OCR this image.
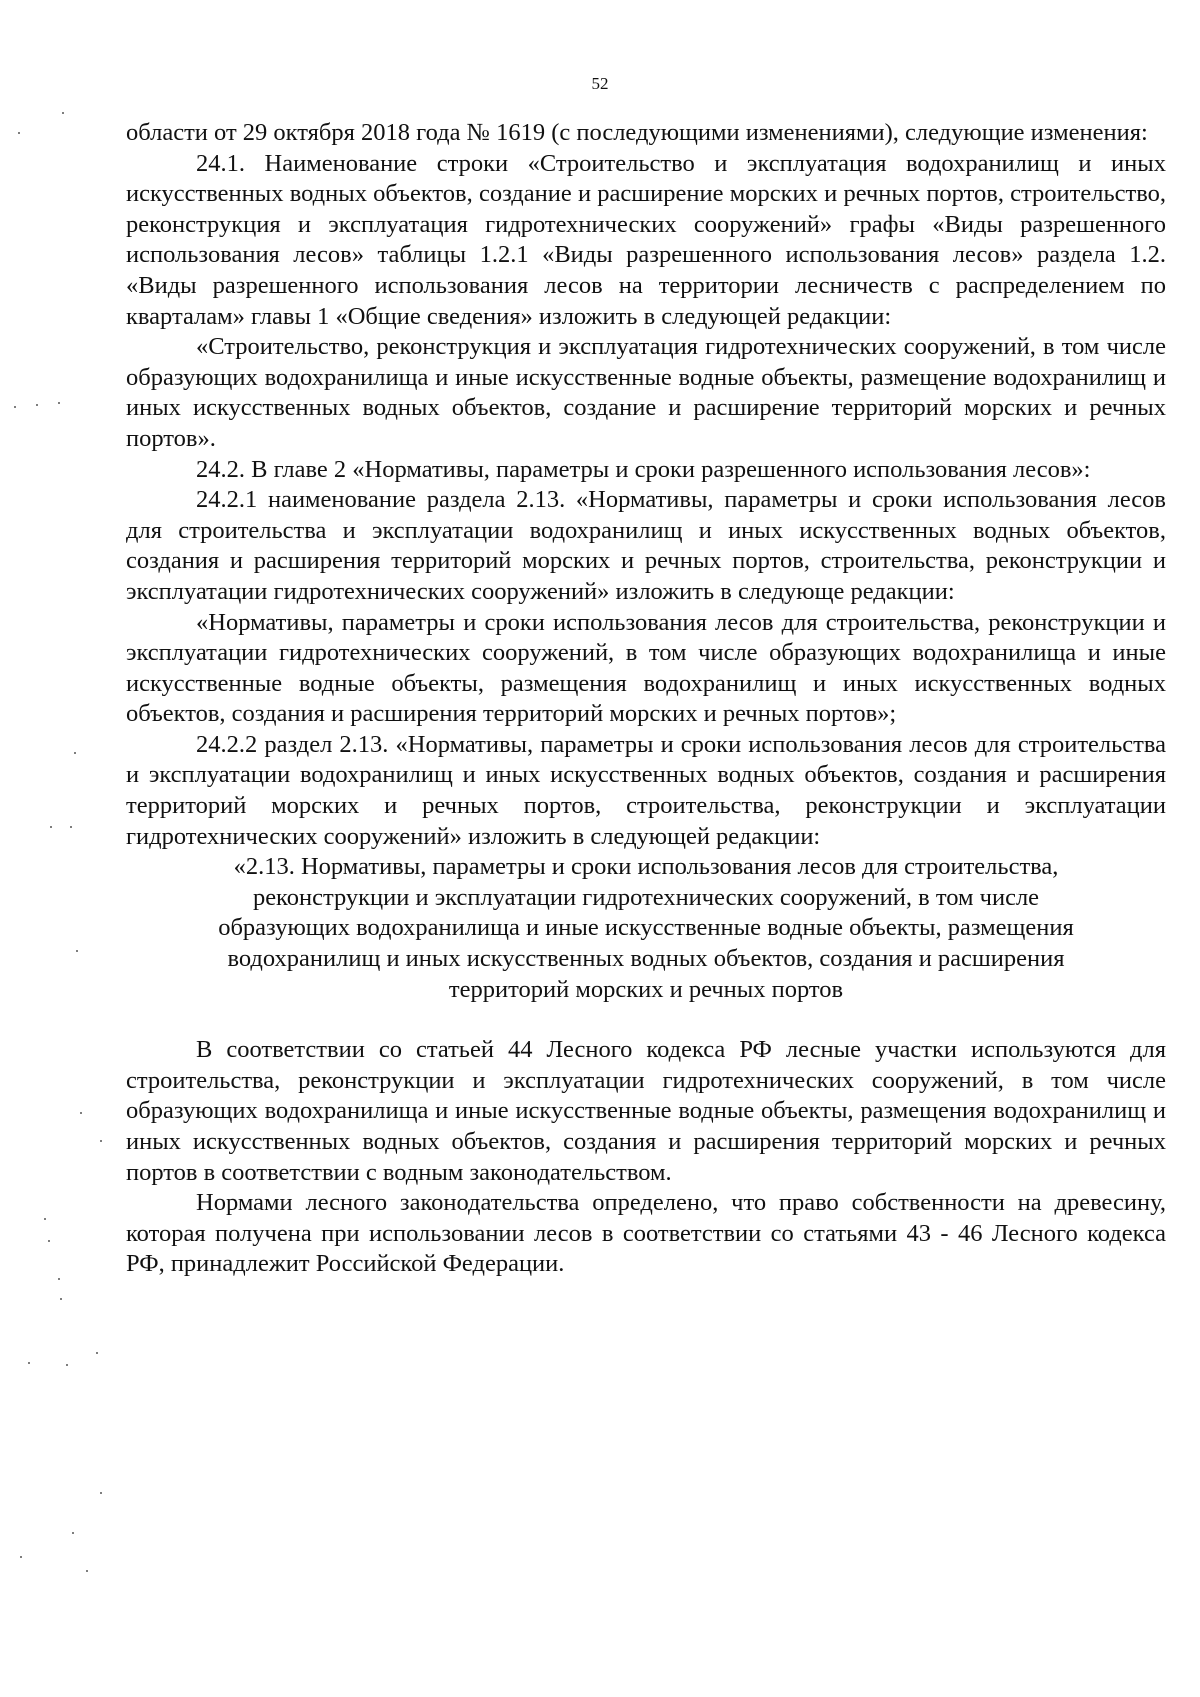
52

области от 29 октября 2018 года № 1619 (с последующими изменениями), следующие изменения:

24.1. Наименование строки «Строительство и эксплуатация водохранилищ и иных искусственных водных объектов, создание и расширение морских и речных портов, строительство, реконструкция и эксплуатация гидротехнических сооружений» графы «Виды разрешенного использования лесов» таблицы 1.2.1 «Виды разрешенного использования лесов» раздела 1.2. «Виды разрешенного использования лесов на территории лесничеств с распределением по кварталам» главы 1 «Общие сведения» изложить в следующей редакции:

«Строительство, реконструкция и эксплуатация гидротехнических сооружений, в том числе образующих водохранилища и иные искусственные водные объекты, размещение водохранилищ и иных искусственных водных объектов, создание и расширение территорий морских и речных портов».

24.2. В главе 2 «Нормативы, параметры и сроки разрешенного использования лесов»:

24.2.1 наименование раздела 2.13. «Нормативы, параметры и сроки использования лесов для строительства и эксплуатации водохранилищ и иных искусственных водных объектов, создания и расширения территорий морских и речных портов, строительства, реконструкции и эксплуатации гидротехнических сооружений» изложить в следующе редакции:

«Нормативы, параметры и сроки использования лесов для строительства, реконструкции и эксплуатации гидротехнических сооружений, в том числе образующих водохранилища и иные искусственные водные объекты, размещения водохранилищ и иных искусственных водных объектов, создания и расширения территорий морских и речных портов»;

24.2.2 раздел 2.13. «Нормативы, параметры и сроки использования лесов для строительства и эксплуатации водохранилищ и иных искусственных водных объектов, создания и расширения территорий морских и речных портов, строительства, реконструкции и эксплуатации гидротехнических сооружений» изложить в следующей редакции:

«2.13. Нормативы, параметры и сроки использования лесов для строительства,
реконструкции и эксплуатации гидротехнических сооружений, в том числе
образующих водохранилища и иные искусственные водные объекты, размещения
водохранилищ и иных искусственных водных объектов, создания и расширения
территорий морских и речных портов

В соответствии со статьей 44 Лесного кодекса РФ лесные участки используются для строительства, реконструкции и эксплуатации гидротехнических сооружений, в том числе образующих водохранилища и иные искусственные водные объекты, размещения водохранилищ и иных искусственных водных объектов, создания и расширения территорий морских и речных портов в соответствии с водным законодательством.

Нормами лесного законодательства определено, что право собственности на древесину, которая получена при использовании лесов в соответствии со статьями 43 - 46 Лесного кодекса РФ, принадлежит Российской Федерации.
